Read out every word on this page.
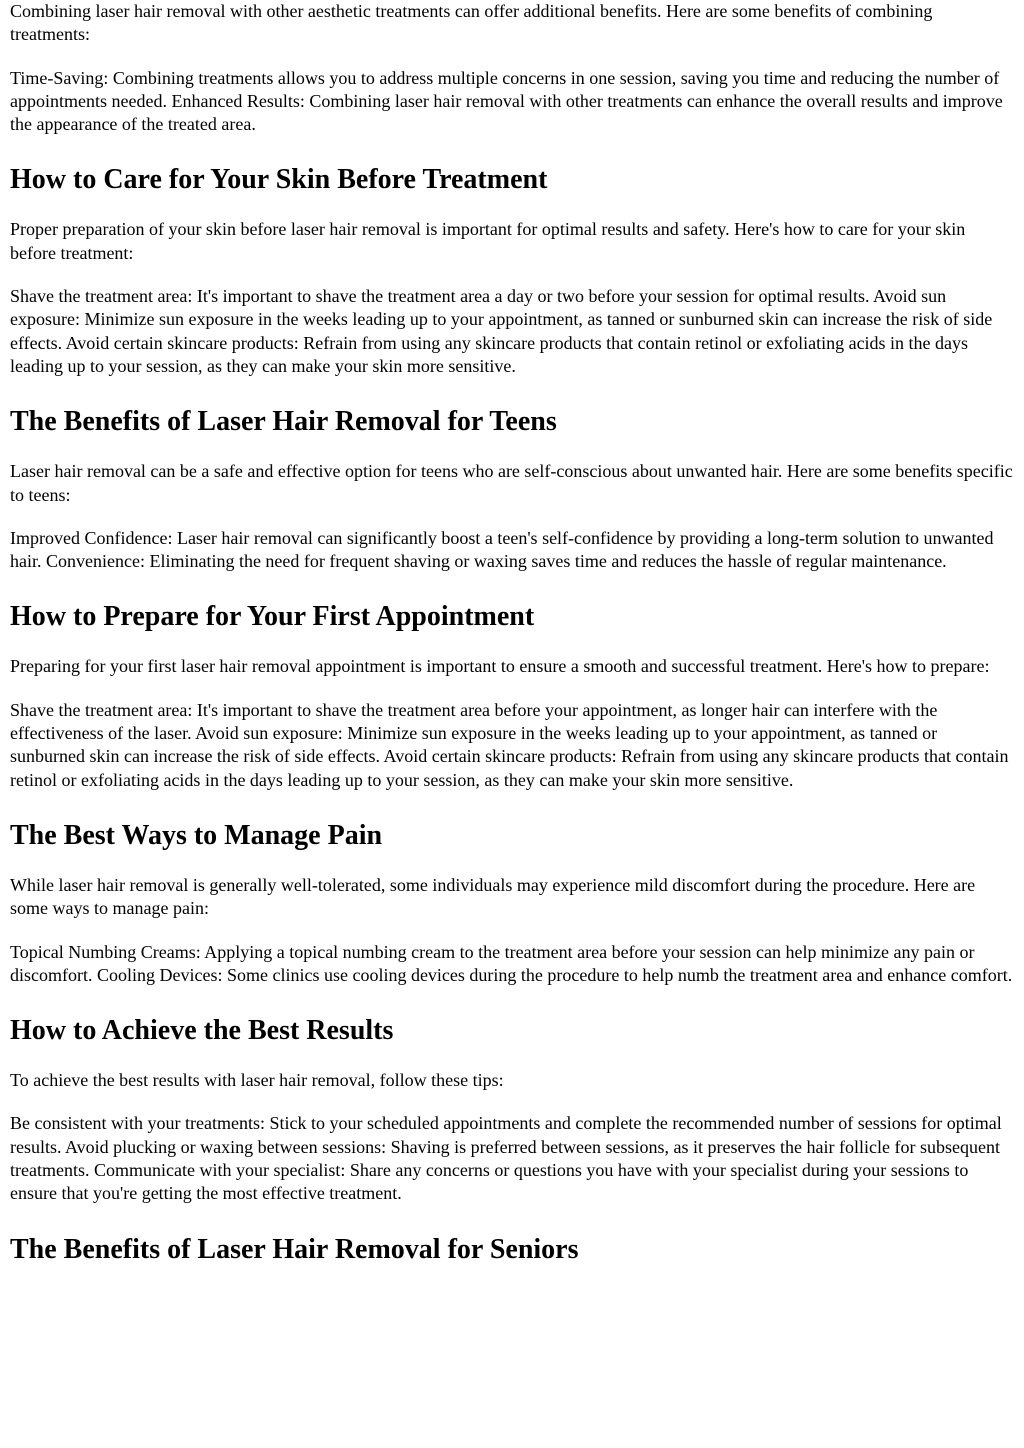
Combining laser hair removal with other aesthetic treatments can offer additional benefits. Here are some benefits of combining treatments:

Time-Saving: Combining treatments allows you to address multiple concerns in one session, saving you time and reducing the number of appointments needed. Enhanced Results: Combining laser hair removal with other treatments can enhance the overall results and improve the appearance of the treated area.

How to Care for Your Skin Before Treatment

Proper preparation of your skin before laser hair removal is important for optimal results and safety. Here's how to care for your skin before treatment:

Shave the treatment area: It's important to shave the treatment area a day or two before your session for optimal results. Avoid sun exposure: Minimize sun exposure in the weeks leading up to your appointment, as tanned or sunburned skin can increase the risk of side effects. Avoid certain skincare products: Refrain from using any skincare products that contain retinol or exfoliating acids in the days leading up to your session, as they can make your skin more sensitive.

The Benefits of Laser Hair Removal for Teens

Laser hair removal can be a safe and effective option for teens who are self-conscious about unwanted hair. Here are some benefits specific to teens:

Improved Confidence: Laser hair removal can significantly boost a teen's self-confidence by providing a long-term solution to unwanted hair. Convenience: Eliminating the need for frequent shaving or waxing saves time and reduces the hassle of regular maintenance.

How to Prepare for Your First Appointment

Preparing for your first laser hair removal appointment is important to ensure a smooth and successful treatment. Here's how to prepare:

Shave the treatment area: It's important to shave the treatment area before your appointment, as longer hair can interfere with the effectiveness of the laser. Avoid sun exposure: Minimize sun exposure in the weeks leading up to your appointment, as tanned or sunburned skin can increase the risk of side effects. Avoid certain skincare products: Refrain from using any skincare products that contain retinol or exfoliating acids in the days leading up to your session, as they can make your skin more sensitive.

The Best Ways to Manage Pain

While laser hair removal is generally well-tolerated, some individuals may experience mild discomfort during the procedure. Here are some ways to manage pain:

Topical Numbing Creams: Applying a topical numbing cream to the treatment area before your session can help minimize any pain or discomfort. Cooling Devices: Some clinics use cooling devices during the procedure to help numb the treatment area and enhance comfort.

How to Achieve the Best Results

To achieve the best results with laser hair removal, follow these tips:

Be consistent with your treatments: Stick to your scheduled appointments and complete the recommended number of sessions for optimal results. Avoid plucking or waxing between sessions: Shaving is preferred between sessions, as it preserves the hair follicle for subsequent treatments. Communicate with your specialist: Share any concerns or questions you have with your specialist during your sessions to ensure that you're getting the most effective treatment.

The Benefits of Laser Hair Removal for Seniors
